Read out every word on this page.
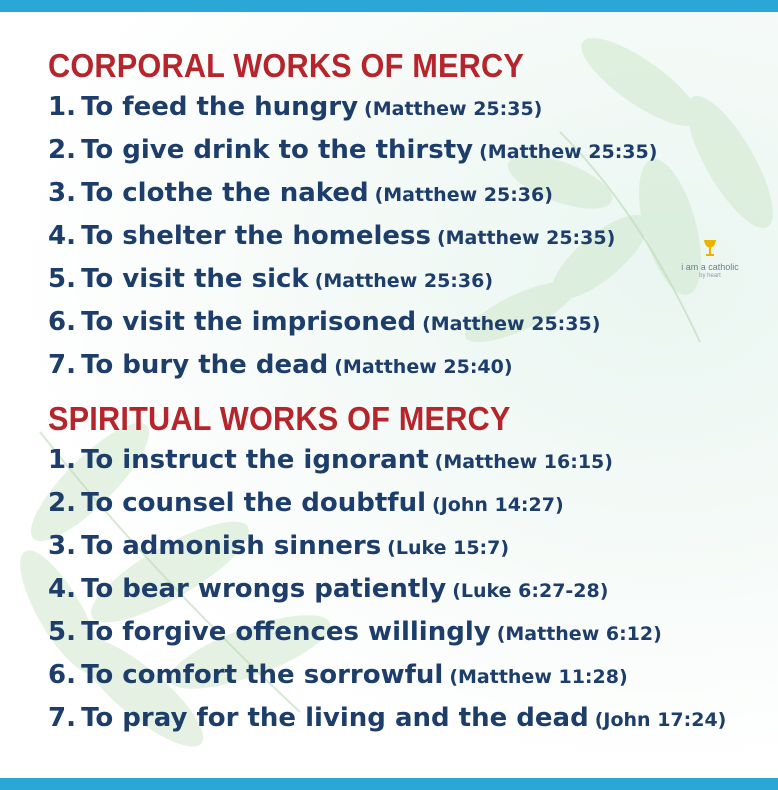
CORPORAL WORKS OF MERCY
1. To feed the hungry (Matthew 25:35)
2. To give drink to the thirsty (Matthew 25:35)
3. To clothe the naked (Matthew 25:36)
4. To shelter the homeless (Matthew 25:35)
5. To visit the sick (Matthew 25:36)
6. To visit the imprisoned (Matthew 25:35)
7. To bury the dead (Matthew 25:40)
SPIRITUAL WORKS OF MERCY
1. To instruct the ignorant (Matthew 16:15)
2. To counsel the doubtful (John 14:27)
3. To admonish sinners (Luke 15:7)
4. To bear wrongs patiently (Luke 6:27-28)
5. To forgive offences willingly (Matthew 6:12)
6. To comfort the sorrowful (Matthew 11:28)
7. To pray for the living and the dead (John 17:24)
i am a catholic
by heart
